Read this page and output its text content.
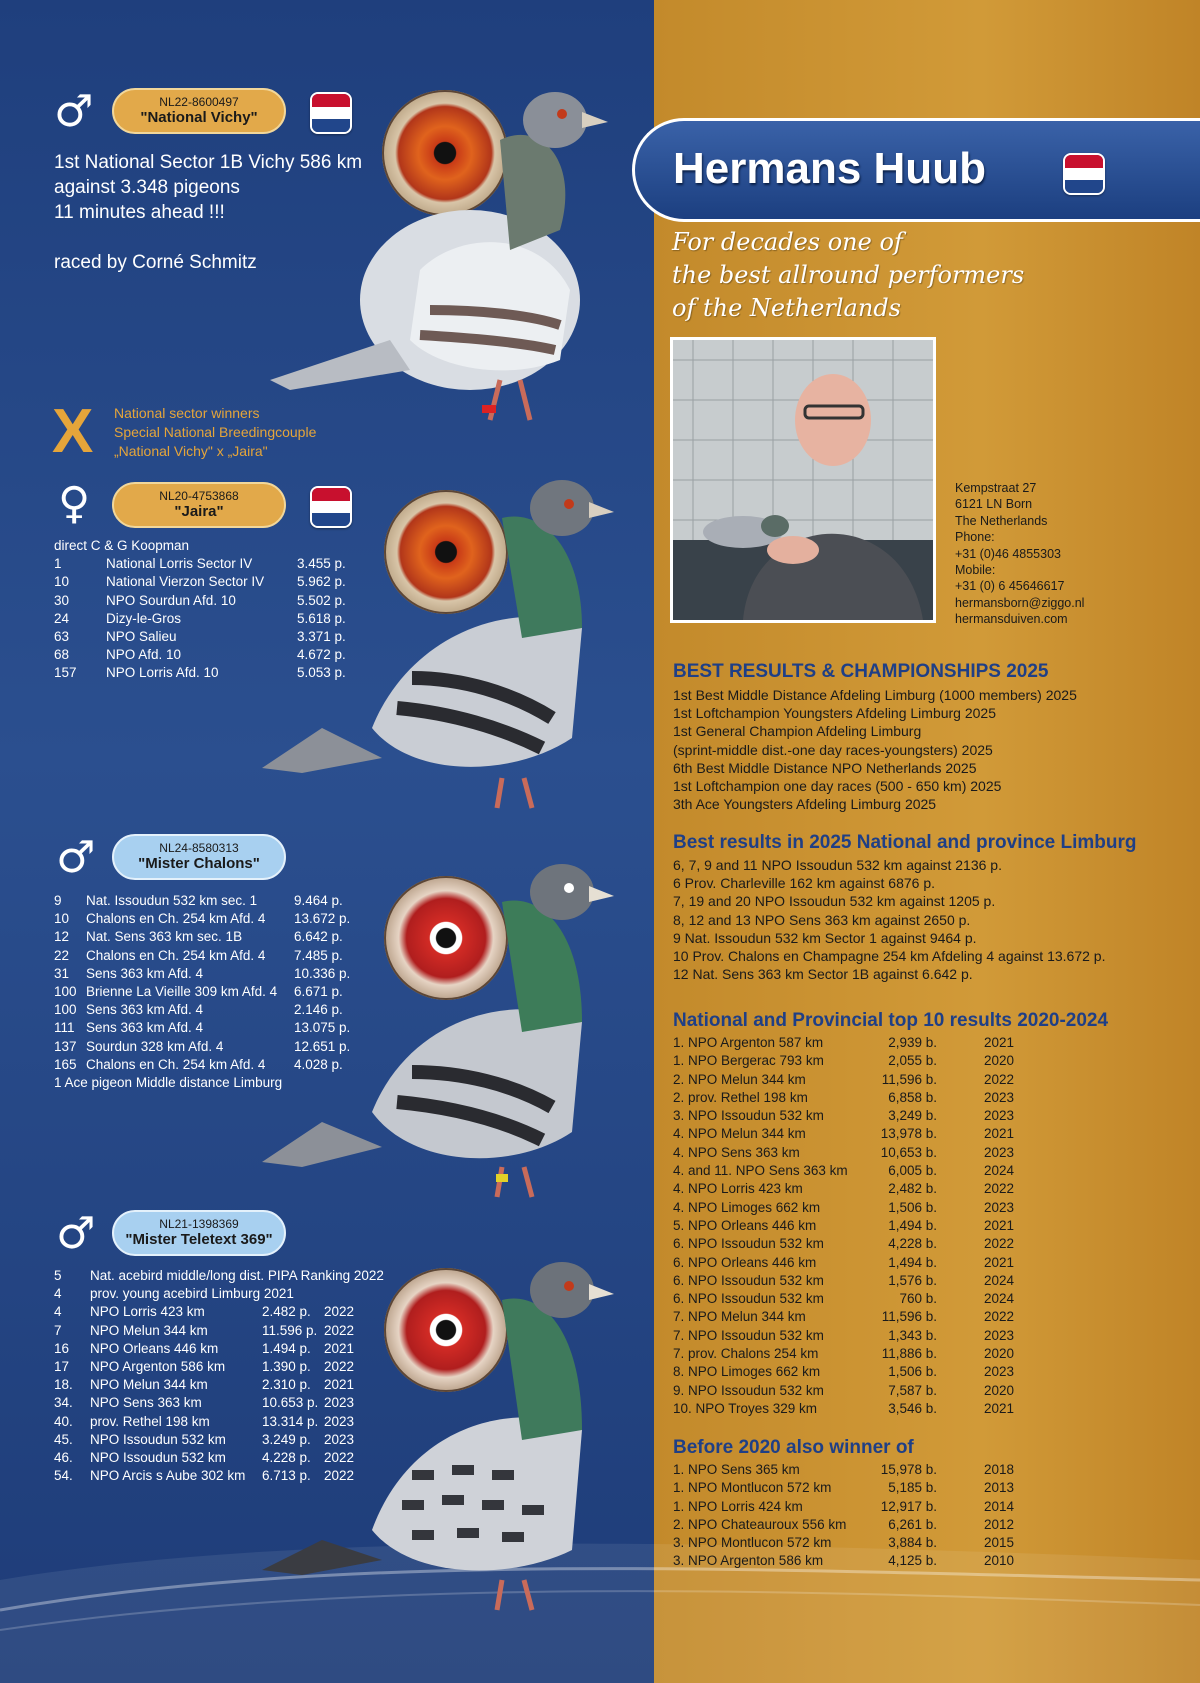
♂	NL22-8600497
"National Vichy"
1st National Sector 1B Vichy 586 km
against 3.348 pigeons
11 minutes ahead !!!
raced by Corné Schmitz
X National sector winners
Special National Breedingcouple
„National Vichy" x „Jaira"
♀	NL20-4753868
"Jaira"
direct C & G Koopman
1	National Lorris Sector IV	3.455 p.
10	National Vierzon Sector IV 5.962 p.
30	NPO Sourdun Afd. 10	5.502 p.
24	Dizy-le-Gros	5.618 p.
63	NPO Salieu	3.371 p.
68	NPO Afd. 10	4.672 p.
157 NPO Lorris Afd. 10	5.053 p.
♂	NL24-8580313
"Mister Chalons"
9 Nat. Issoudun 532 km sec. 1	9.464 p.
10 Chalons en Ch. 254 km Afd. 4 13.672 p.
12 Nat. Sens 363 km sec. 1B	6.642 p.
22 Chalons en Ch. 254 km Afd. 4 7.485 p.
31 Sens 363 km Afd. 4	10.336 p.
100 Brienne La Vieille 309 km Afd. 4 6.671 p.
100 Sens 363 km Afd. 4	2.146 p.
111 Sens 363 km Afd. 4	13.075 p.
137 Sourdun 328 km Afd. 4	12.651 p.
165 Chalons en Ch. 254 km Afd. 4 4.028 p.
1 Ace pigeon Middle distance Limburg
♂	NL21-1398369
"Mister Teletext 369"
5 Nat. acebird middle/long dist. PIPA Ranking 2022
4 prov. young acebird Limburg 2021
4 NPO Lorris 423 km	2.482 p. 2022
7 NPO Melun 344 km	11.596 p. 2022
16 NPO Orleans 446 km	1.494 p. 2021
17 NPO Argenton 586 km	1.390 p. 2022
18. NPO Melun 344 km	2.310 p. 2021
34. NPO Sens 363 km	10.653 p. 2023
40. prov. Rethel 198 km	13.314 p. 2023
45. NPO Issoudun 532 km	3.249 p. 2023
46. NPO Issoudun 532 km	4.228 p. 2022
54. NPO Arcis s Aube 302 km 6.713 p. 2022
Hermans Huub
For decades one of
the best allround performers
of the Netherlands
Kempstraat 27
6121 LN Born
The Netherlands
Phone:
+31 (0)46 4855303
Mobile:
+31 (0) 6 45646617
hermansborn@ziggo.nl
hermansduiven.com
BEST RESULTS & CHAMPIONSHIPS 2025
1st Best Middle Distance Afdeling Limburg (1000 members) 2025
1st Loftchampion Youngsters Afdeling Limburg 2025
1st General Champion Afdeling Limburg
(sprint-middle dist.-one day races-youngsters) 2025
6th Best Middle Distance NPO Netherlands 2025
1st Loftchampion one day races (500 - 650 km) 2025
3th Ace Youngsters Afdeling Limburg 2025
Best results in 2025 National and province Limburg
6, 7, 9 and 11 NPO Issoudun 532 km against 2136 p.
6 Prov. Charleville 162 km against 6876 p.
7, 19 and 20 NPO Issoudun 532 km against 1205 p.
8, 12 and 13 NPO Sens 363 km against 2650 p.
9 Nat. Issoudun 532 km Sector 1 against 9464 p.
10 Prov. Chalons en Champagne 254 km Afdeling 4 against 13.672 p.
12 Nat. Sens 363 km Sector 1B against 6.642 p.
National and Provincial top 10 results 2020-2024
1. NPO Argenton 587 km	2,939 b.	2021
1. NPO Bergerac 793 km	2,055 b.	2020
2. NPO Melun 344 km	11,596 b.	2022
2. prov. Rethel 198 km	6,858 b.	2023
3. NPO Issoudun 532 km	3,249 b.	2023
4. NPO Melun 344 km	13,978 b.	2021
4. NPO Sens 363 km	10,653 b.	2023
4. and 11. NPO Sens 363 km	6,005 b.	2024
4. NPO Lorris 423 km	2,482 b.	2022
4. NPO Limoges 662 km	1,506 b.	2023
5. NPO Orleans 446 km	1,494 b.	2021
6. NPO Issoudun 532 km	4,228 b.	2022
6. NPO Orleans 446 km	1,494 b.	2021
6. NPO Issoudun 532 km	1,576 b.	2024
6. NPO Issoudun 532 km	760 b.	2024
7. NPO Melun 344 km	11,596 b.	2022
7. NPO Issoudun 532 km	1,343 b.	2023
7. prov. Chalons 254 km	11,886 b.	2020
8. NPO Limoges 662 km	1,506 b.	2023
9. NPO Issoudun 532 km	7,587 b.	2020
10. NPO Troyes 329 km	3,546 b.	2021
Before 2020 also winner of
1. NPO Sens 365 km	15,978 b.	2018
1. NPO Montlucon 572 km	5,185 b.	2013
1. NPO Lorris 424 km	12,917 b.	2014
2. NPO Chateauroux 556 km	6,261 b.	2012
3. NPO Montlucon 572 km	3,884 b.	2015
3. NPO Argenton 586 km	4,125 b.	2010
